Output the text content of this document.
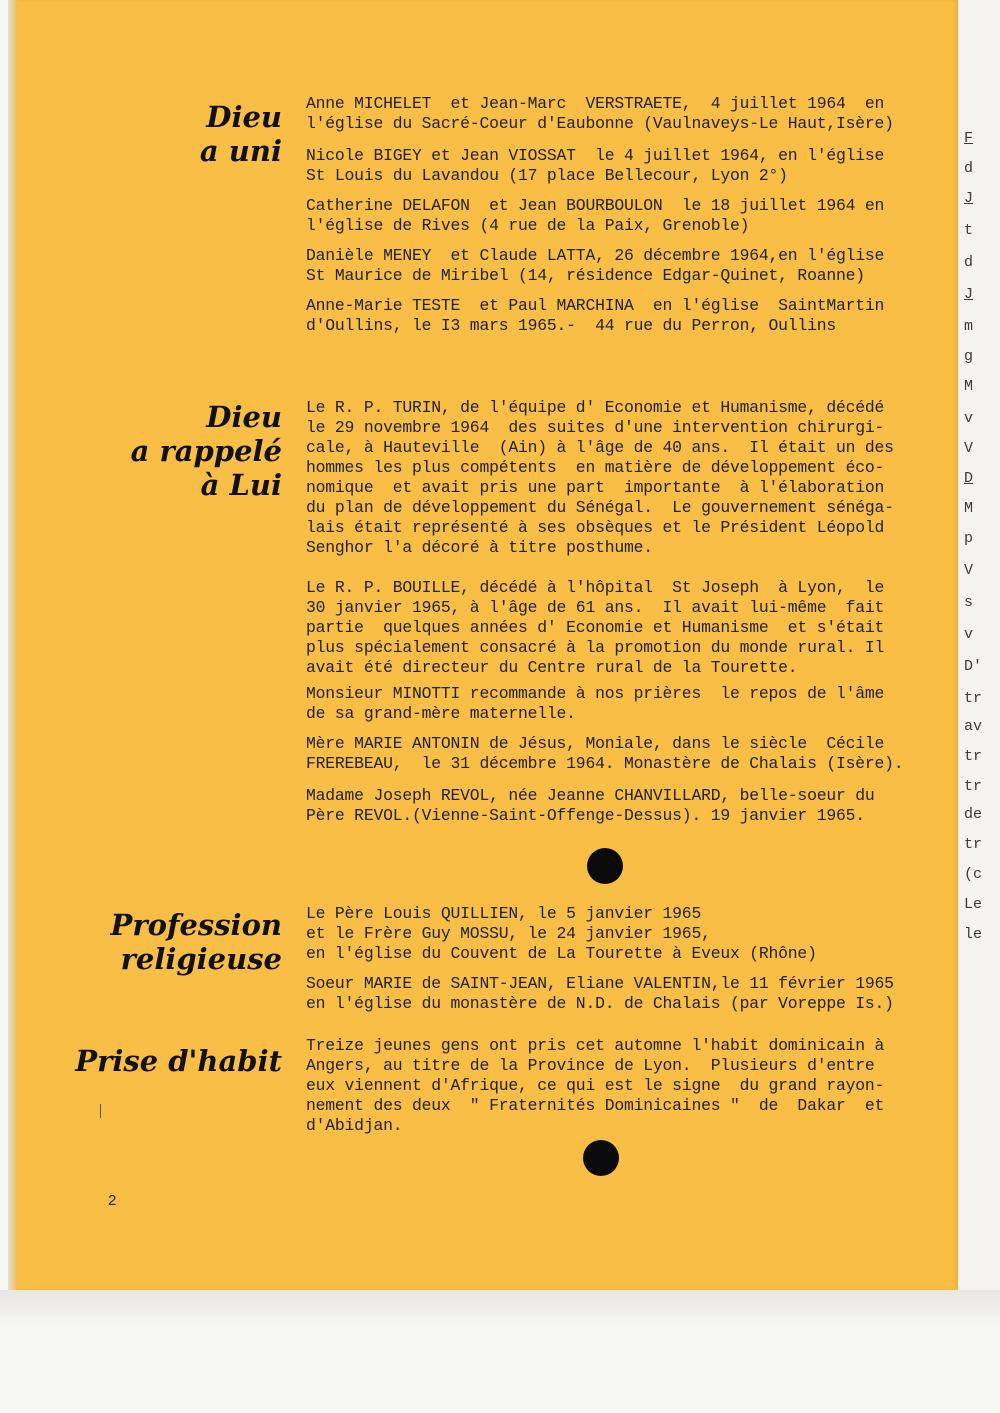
F
d
J
t
d
J
m
g
M
v
V
D
M
p
V
s
v
D'
tr
av
tr
tr
de
tr
(c
Le
le
Dieu
a uni
Anne MICHELET  et Jean-Marc  VERSTRAETE,  4 juillet 1964  en
l'église du Sacré-Coeur d'Eaubonne (Vaulnaveys-Le Haut,Isère)
Nicole BIGEY et Jean VIOSSAT  le 4 juillet 1964, en l'église
St Louis du Lavandou (17 place Bellecour, Lyon 2°)
Catherine DELAFON  et Jean BOURBOULON  le 18 juillet 1964 en
l'église de Rives (4 rue de la Paix, Grenoble)
Danièle MENEY  et Claude LATTA, 26 décembre 1964,en l'église
St Maurice de Miribel (14, résidence Edgar-Quinet, Roanne)
Anne-Marie TESTE  et Paul MARCHINA  en l'église  SaintMartin
d'Oullins, le I3 mars 1965.-  44 rue du Perron, Oullins
Dieu
a rappelé
à Lui
Le R. P. TURIN, de l'équipe d' Economie et Humanisme, décédé
le 29 novembre 1964  des suites d'une intervention chirurgi-
cale, à Hauteville  (Ain) à l'âge de 40 ans.  Il était un des
hommes les plus compétents  en matière de développement éco-
nomique  et avait pris une part  importante  à l'élaboration
du plan de développement du Sénégal.  Le gouvernement sénéga-
lais était représenté à ses obsèques et le Président Léopold
Senghor l'a décoré à titre posthume.
Le R. P. BOUILLE, décédé à l'hôpital  St Joseph  à Lyon,  le
30 janvier 1965, à l'âge de 61 ans.  Il avait lui-même  fait
partie  quelques années d' Economie et Humanisme  et s'était
plus spécialement consacré à la promotion du monde rural. Il
avait été directeur du Centre rural de la Tourette.
Monsieur MINOTTI recommande à nos prières  le repos de l'âme
de sa grand-mère maternelle.
Mère MARIE ANTONIN de Jésus, Moniale, dans le siècle  Cécile
FRERЕBEAU,  le 31 décembre 1964. Monastère de Chalais (Isère).
Madame Joseph REVOL, née Jeanne CHANVILLARD, belle-soeur du
Père REVOL.(Vienne-Saint-Offenge-Dessus). 19 janvier 1965.
Profession
religieuse
Le Père Louis QUILLIEN, le 5 janvier 1965
et le Frère Guy MOSSU, le 24 janvier 1965,
en l'église du Couvent de La Tourette à Eveux (Rhône)
Soeur MARIE de SAINT-JEAN, Eliane VALENTIN,le 11 février 1965
en l'église du monastère de N.D. de Chalais (par Voreppe Is.)
Prise d'habit Treize jeunes gens ont pris cet automne l'habit dominicain à
Angers, au titre de la Province de Lyon.  Plusieurs d'entre
eux viennent d'Afrique, ce qui est le signe  du grand rayon-
nement des deux  " Fraternités Dominicaines "  de  Dakar  et
d'Abidjan.
2
